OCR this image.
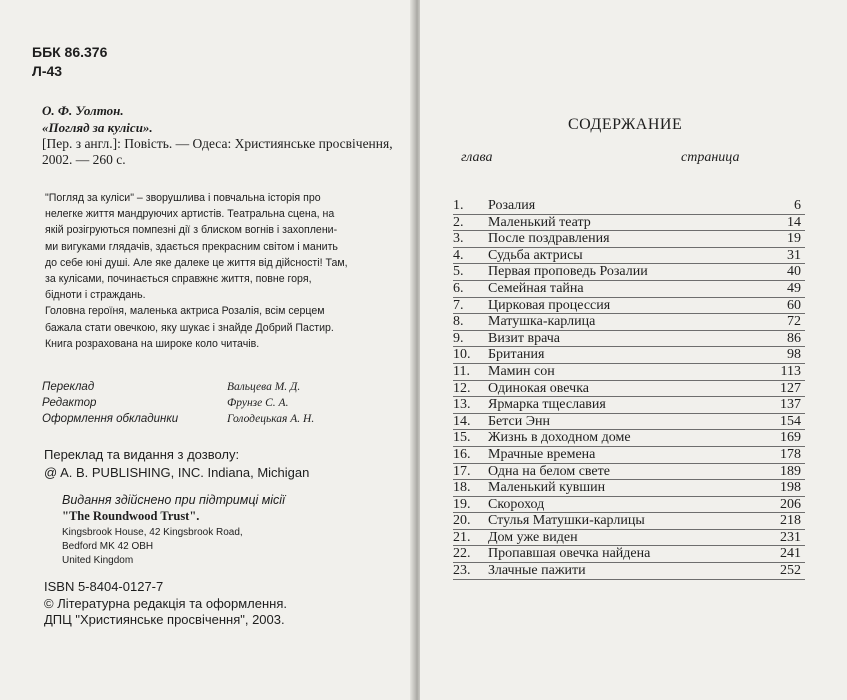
ББК 86.376
Л-43
О. Ф. Уолтон.
«Погляд за куліси».
[Пер. з англ.]: Повість. — Одеса: Християнське просвічення,
2002. — 260 с.
"Погляд за куліси" – зворушлива і повчальна історія про
нелегке життя мандруючих артистів. Театральна сцена, на
якій розігруються помпезні дії з блиском вогнів і захоплени-
ми вигуками глядачів, здається прекрасним світом і манить
до себе юні душі. Але яке далеке це життя від дійсності! Там,
за кулісами, починається справжнє життя, повне горя,
бідноти і страждань.
Головна героїня, маленька актриса Розалія, всім серцем
бажала стати овечкою, яку шукає і знайде Добрий Пастир.
Книга розрахована на широке коло читачів.
Переклад	Вальцева М. Д.
Редактор	Фрунзе С. А.
Оформлення обкладинки	Голодецькая А. Н.
Переклад та видання з дозволу:
@ A. B. PUBLISHING, INC. Indiana, Michigan
Видання здійснено при підтримці місії
"The Roundwood Trust".
Kingsbrook House, 42 Kingsbrook Road,
Bedford MK 42 OBH
United Kingdom
ISBN 5-8404-0127-7
© Літературна редакція та оформлення.
ДПЦ "Християнське просвічення", 2003.
СОДЕРЖАНИЕ
глава	страница
1.	Розалия	6
2.	Маленький театр	14
3.	После поздравления	19
4.	Судьба актрисы	31
5.	Первая проповедь Розалии	40
6.	Семейная тайна	49
7.	Цирковая процессия	60
8.	Матушка-карлица	72
9.	Визит врача	86
10.	Британия	98
11.	Мамин сон	113
12.	Одинокая овечка	127
13.	Ярмарка тщеславия	137
14.	Бетси Энн	154
15.	Жизнь в доходном доме	169
16.	Мрачные времена	178
17.	Одна на белом свете	189
18.	Маленький кувшин	198
19.	Скороход	206
20.	Стулья Матушки-карлицы	218
21.	Дом уже виден	231
22.	Пропавшая овечка найдена	241
23.	Злачные пажити	252
